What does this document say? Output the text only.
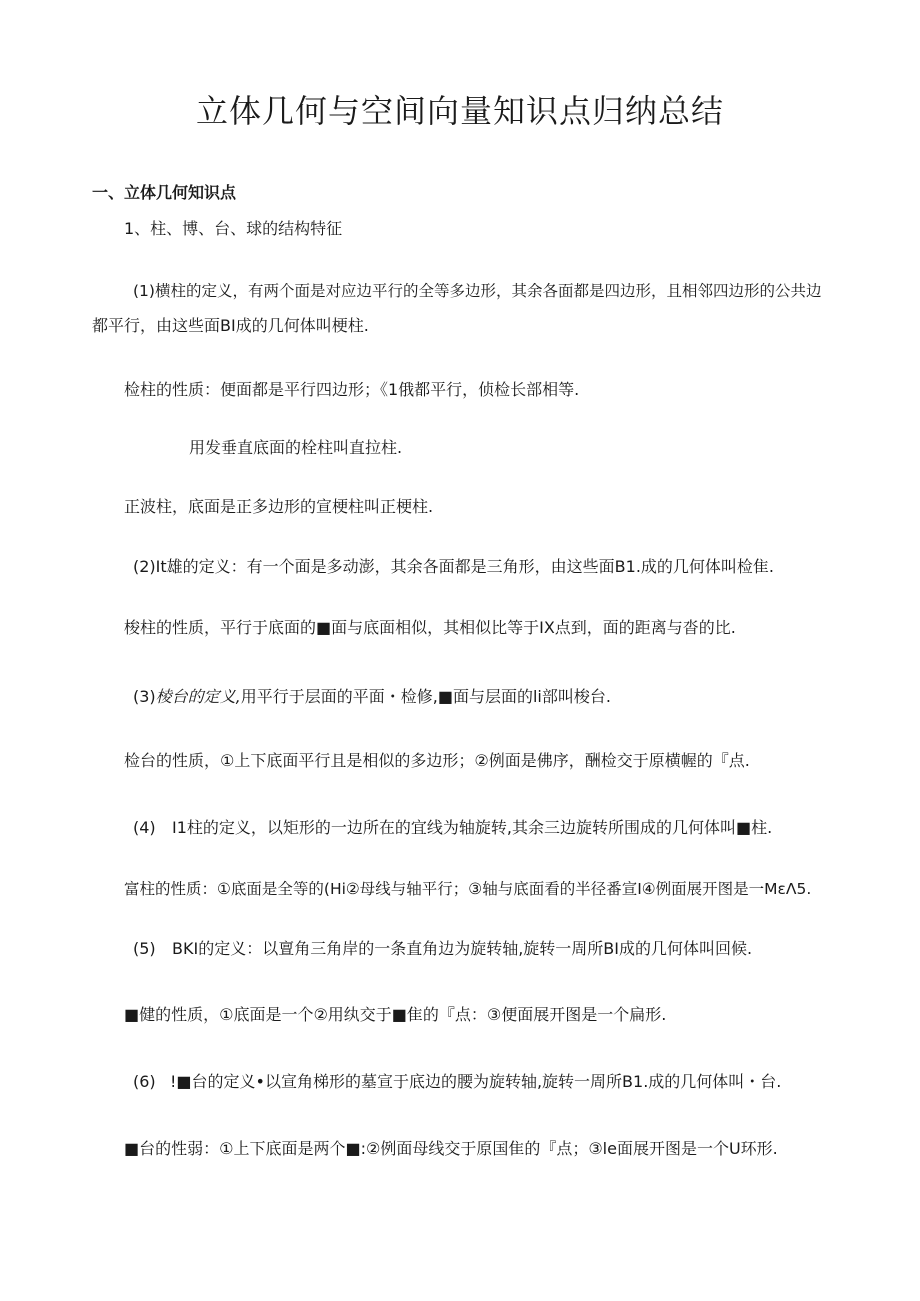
立体几何与空间向量知识点归纳总结
一、立体几何知识点
1、柱、博、台、球的结构特征
(1)横柱的定义，有两个面是对应边平行的全等多边形，其余各面都是四边形，且相邻四边形的公共边
都平行，由这些面BI成的几何体叫梗柱.
检柱的性质：便面都是平行四边形；《1俄都平行，侦检长部相等.
用发垂直底面的栓柱叫直拉柱.
正波柱，底面是正多边形的宣梗柱叫正梗柱.
(2)It雄的定义：有一个面是多动澎，其余各面都是三角形，由这些面B1.成的几何体叫检隹.
梭柱的性质，平行于底面的■面与底面相似，其相似比等于IX点到，面的距离与沓的比.
(3)棱台的定义,用平行于层面的平面・检修,■面与层面的li部叫梭台.
检台的性质，①上下底面平行且是相似的多边形；②例面是佛序，酬检交于原横幄的『点.
(4) I1柱的定义，以矩形的一边所在的宜线为轴旋转,其余三边旋转所围成的几何体叫■柱.
富柱的性质：①底面是全等的(Hi②母线与轴平行；③轴与底面看的半径番宣I④例面展开图是一MεΛ5.
(5) BKI的定义：以亶角三角岸的一条直角边为旋转轴,旋转一周所BI成的几何体叫回候.
■健的性质，①底面是一个②用纨交于■隹的『点：③便面展开图是一个扁形.
(6) !■台的定义•以宣角梯形的墓宣于底边的腰为旋转轴,旋转一周所B1.成的几何体叫・台.
■台的性弱：①上下底面是两个■:②例面母线交于原国隹的『点；③le面展开图是一个U环形.
